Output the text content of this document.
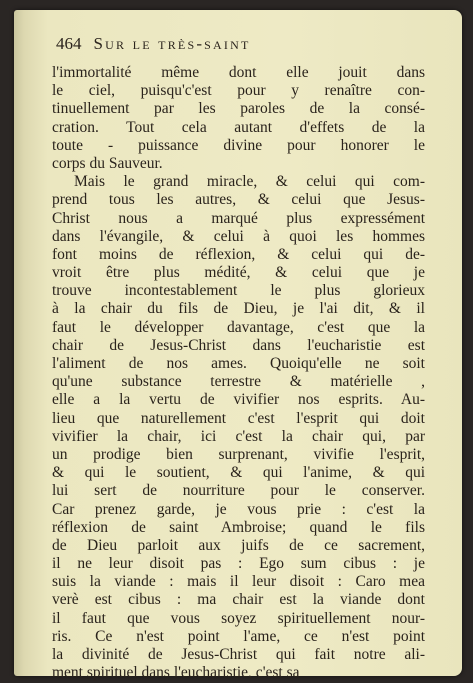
464 Sur le très-saint
l'immortalité même dont elle jouit dans
le ciel, puisqu'c'est pour y renaître con-
tinuellement par les paroles de la consé-
cration. Tout cela autant d'effets de la
toute - puissance divine pour honorer le
corps du Sauveur.
Mais le grand miracle, & celui qui com-
prend tous les autres, & celui que Jesus-
Christ nous a marqué plus expressément
dans l'évangile, & celui à quoi les hommes
font moins de réflexion, & celui qui de-
vroit être plus médité, & celui que je
trouve incontestablement le plus glorieux
à la chair du fils de Dieu, je l'ai dit, & il
faut le développer davantage, c'est que la
chair de Jesus-Christ dans l'eucharistie est
l'aliment de nos ames. Quoiqu'elle ne soit
qu'une substance terrestre & matérielle ,
elle a la vertu de vivifier nos esprits. Au-
lieu que naturellement c'est l'esprit qui doit
vivifier la chair, ici c'est la chair qui, par
un prodige bien surprenant, vivifie l'esprit,
& qui le soutient, & qui l'anime, & qui
lui sert de nourriture pour le conserver.
Car prenez garde, je vous prie : c'est la
réflexion de saint Ambroise; quand le fils
de Dieu parloit aux juifs de ce sacrement,
il ne leur disoit pas : Ego sum cibus : je
suis la viande : mais il leur disoit : Caro mea
verè est cibus : ma chair est la viande dont
il faut que vous soyez spirituellement nour-
ris. Ce n'est point l'ame, ce n'est point
la divinité de Jesus-Christ qui fait notre ali-
ment spirituel dans l'eucharistie, c'est sa
